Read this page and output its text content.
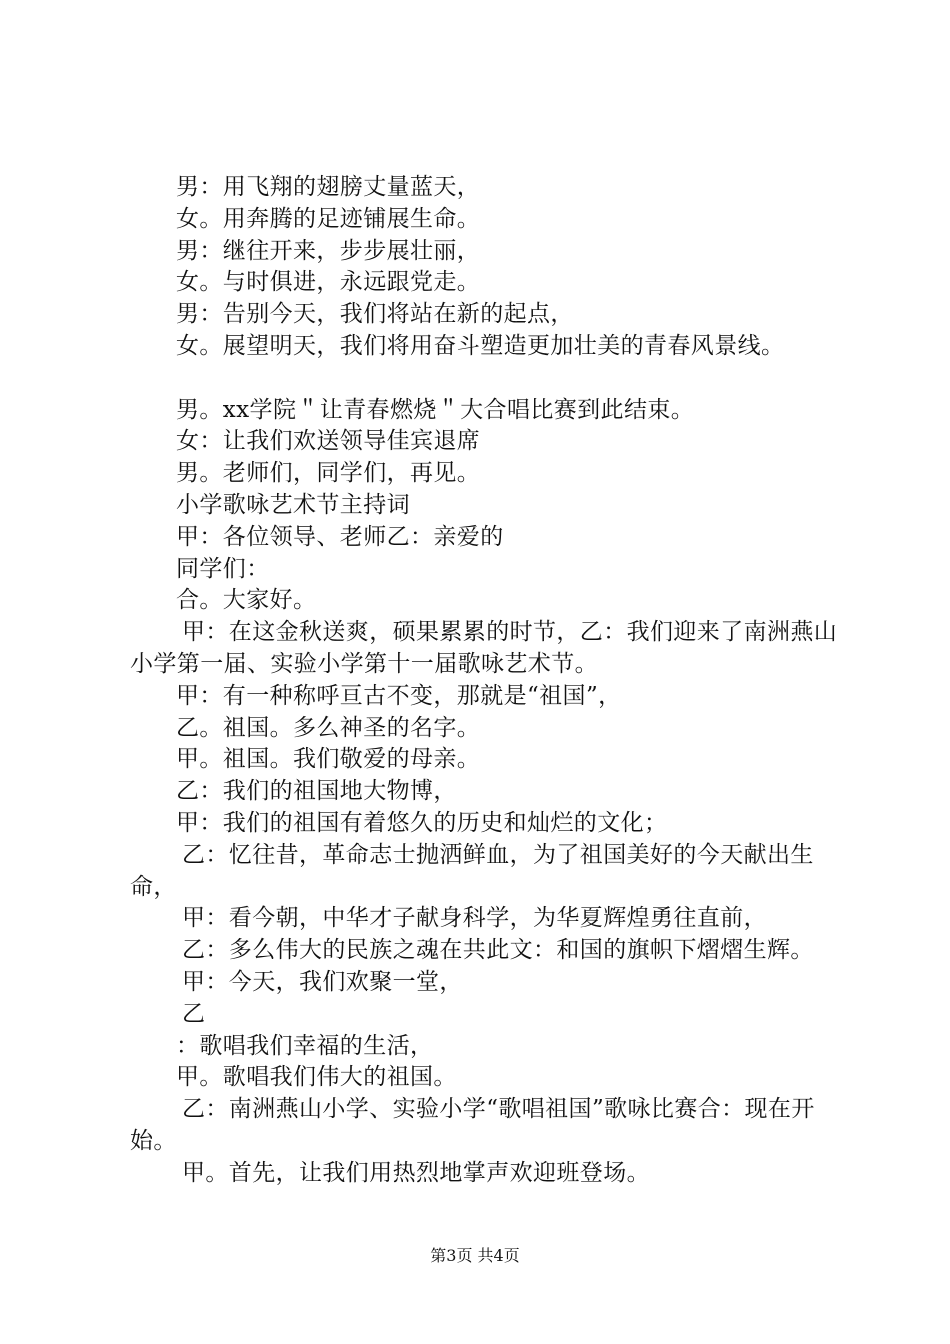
男：用飞翔的翅膀丈量蓝天，

女。用奔腾的足迹铺展生命。

男：继往开来，步步展壮丽，

女。与时俱进，永远跟党走。

男：告别今天，我们将站在新的起点，

女。展望明天，我们将用奋斗塑造更加壮美的青春风景线。

男。xx学院＂让青春燃烧＂大合唱比赛到此结束。

女：让我们欢送领导佳宾退席

男。老师们，同学们，再见。

小学歌咏艺术节主持词

甲：各位领导、老师乙：亲爱的

同学们：

合。大家好。

甲：在这金秋送爽，硕果累累的时节，乙：我们迎来了南洲燕山小学第一届、实验小学第十一届歌咏艺术节。

甲：有一种称呼亘古不变，那就是“祖国”，

乙。祖国。多么神圣的名字。

甲。祖国。我们敬爱的母亲。

乙：我们的祖国地大物博，

甲：我们的祖国有着悠久的历史和灿烂的文化；

乙：忆往昔，革命志士抛洒鲜血，为了祖国美好的今天献出生命，

甲：看今朝，中华才子献身科学，为华夏辉煌勇往直前，

乙：多么伟大的民族之魂在共此文：和国的旗帜下熠熠生辉。

甲：今天，我们欢聚一堂，

乙

：歌唱我们幸福的生活，

甲。歌唱我们伟大的祖国。

乙：南洲燕山小学、实验小学“歌唱祖国”歌咏比赛合：现在开始。

甲。首先，让我们用热烈地掌声欢迎班登场。

第3页 共4页
